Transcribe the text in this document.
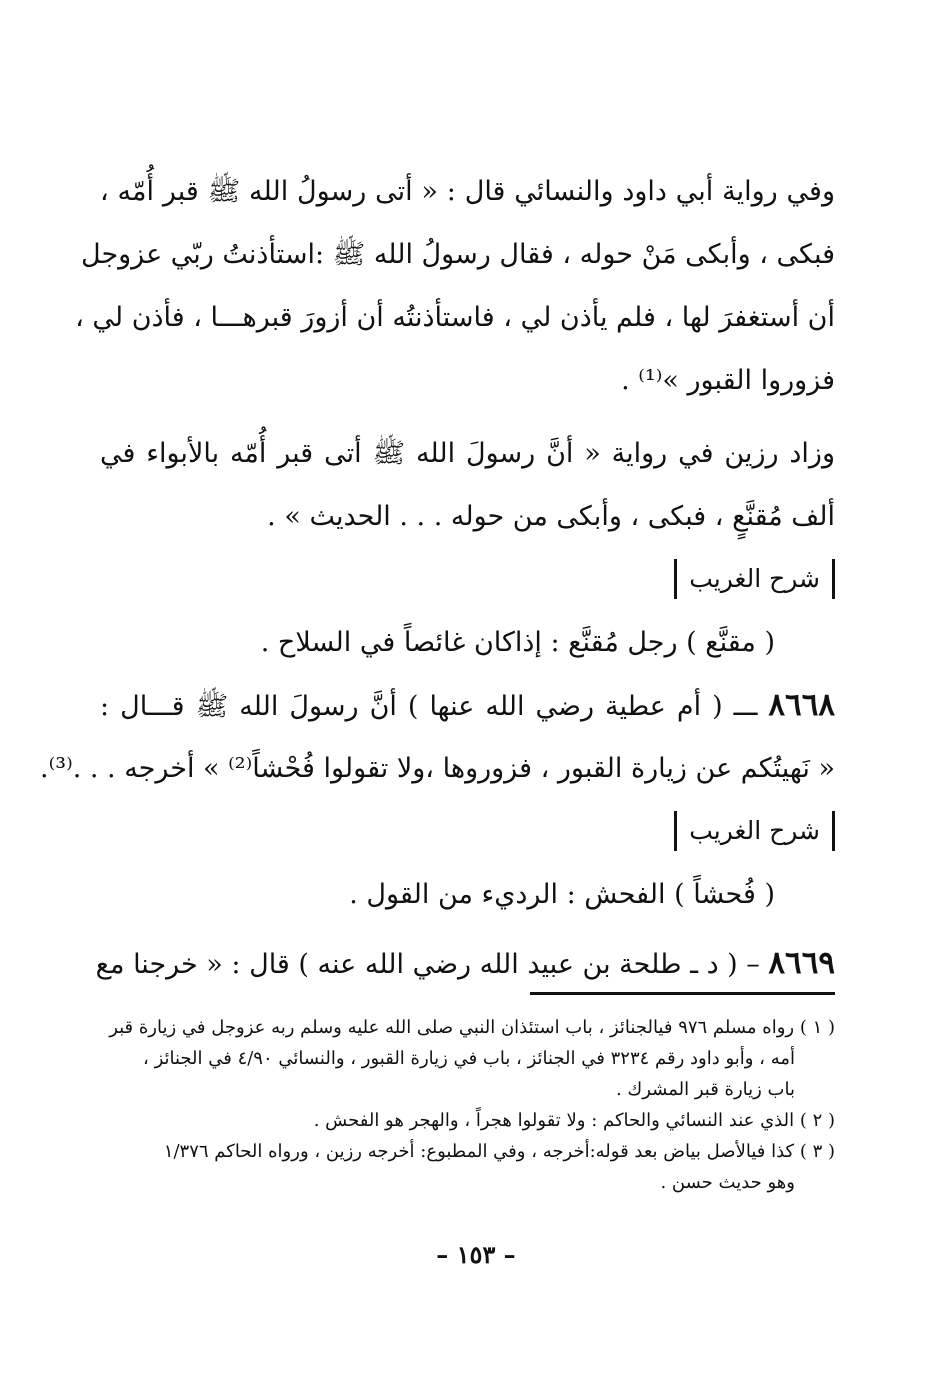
وفي رواية أبي داود والنسائي قال : « أتى رسولُ الله ﷺ قبر أُمّه ،
فبكى ، وأبكى مَنْ حوله ، فقال رسولُ الله ﷺ :استأذنتُ ربّي عزوجل
أن أستغفرَ لها ، فلم يأذن لي ، فاستأذنتُه أن أزورَ قبرهـــا ، فأذن لي ،
فزوروا القبور »⁽¹⁾ .
وزاد رزين في رواية « أنَّ رسولَ الله ﷺ أتى قبر أُمّه بالأبواء في
ألف مُقنَّعٍ ، فبكى ، وأبكى من حوله . . . الحديث » .
شرح الغريب
( مقنَّع ) رجل مُقنَّع : إذاكان غائصاً في السلاح .
٨٦٦٨ ـــ ( أم عطية رضي الله عنها ) أنَّ رسولَ الله ﷺ قـــال :
« نَهيتُكم عن زيارة القبور ، فزوروها ،ولا تقولوا فُحْشاً⁽²⁾ » أخرجه . . .⁽³⁾.
شرح الغريب
( فُحشاً ) الفحش : الرديء من القول .
٨٦٦٩ – ( د ـ طلحة بن عبيد الله رضي الله عنه ) قال : « خرجنا مع
( ١ ) رواه مسلم ٩٧٦ فيالجنائز ، باب استئذان النبي صلى الله عليه وسلم ربه عزوجل في زيارة قبر
أمه ، وأبو داود رقم ٣٢٣٤ في الجنائز ، باب في زيارة القبور ، والنسائي ٤/٩٠ في الجنائز ،
باب زيارة قبر المشرك .
( ٢ ) الذي عند النسائي والحاكم : ولا تقولوا هجراً ، والهجر هو الفحش .
( ٣ ) كذا فيالأصل بياض بعد قوله:أخرجه ، وفي المطبوع: أخرجه رزين ، ورواه الحاكم ١/٣٧٦
وهو حديث حسن .
– ١٥٣ –
